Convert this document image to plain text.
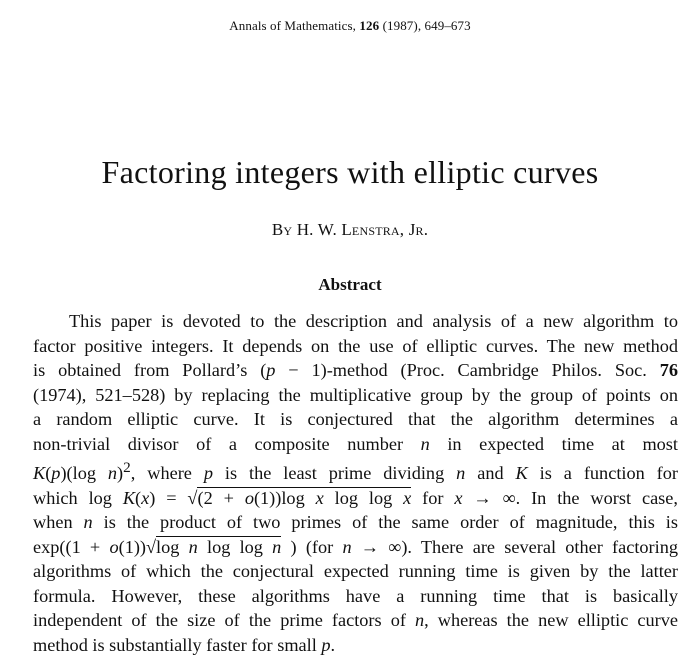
Annals of Mathematics, 126 (1987), 649–673
Factoring integers with elliptic curves
By H. W. Lenstra, Jr.
Abstract
This paper is devoted to the description and analysis of a new algorithm to
factor positive integers. It depends on the use of elliptic curves. The new method
is obtained from Pollard’s (p − 1)-method (Proc. Cambridge Philos. Soc. 76
(1974), 521–528) by replacing the multiplicative group by the group of points on
a random elliptic curve. It is conjectured that the algorithm determines a
non-trivial divisor of a composite number n in expected time at most
K(p)(log n)$^2$, where p is the least prime dividing n and K is a function for
which log K(x) = √(2 + o(1))log x log log x for x → ∞. In the worst case,
when n is the product of two primes of the same order of magnitude, this is
exp((1 + o(1))√log n log log n ) (for n → ∞). There are several other factoring
algorithms of which the conjectural expected running time is given by the latter
formula. However, these algorithms have a running time that is basically
independent of the size of the prime factors of n, whereas the new elliptic curve
method is substantially faster for small p.
